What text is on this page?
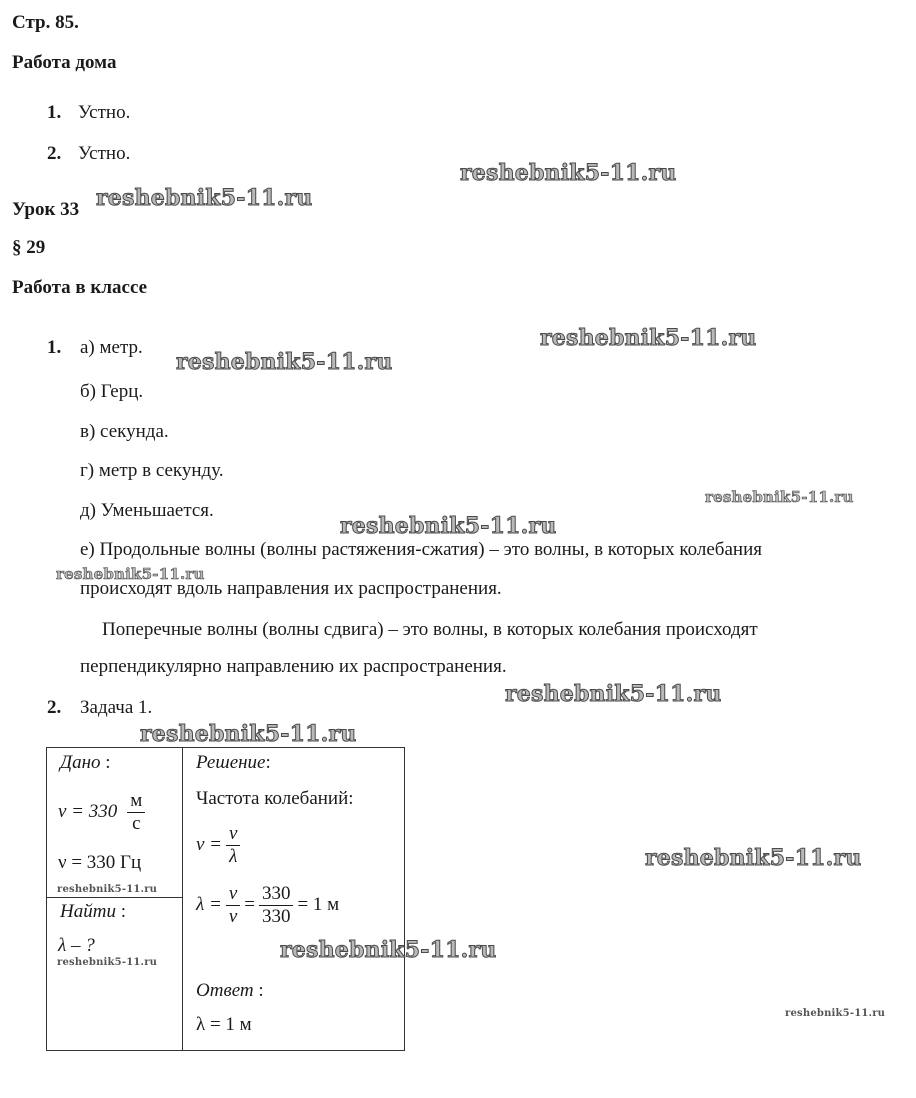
Стр. 85.
Работа дома
1. Устно.
2. Устно.
Урок 33
§ 29
Работа в классе
1. а) метр.
б) Герц.
в) секунда.
г) метр в секунду.
д) Уменьшается.
е) Продольные волны (волны растяжения-сжатия) – это волны, в которых колебания
происходят вдоль направления их распространения.
Поперечные волны (волны сдвига) – это волны, в которых колебания происходят
перпендикулярно направлению их распространения.
2. Задача 1.
Дано :
$v = 330 \frac{м}{с}$
ν = 330 Гц
Найти :
λ – ?
Решение:
Частота колебаний:
$\nu = \frac{v}{\lambda}$
$\lambda = \frac{v}{\nu} = \frac{330}{330} = 1$ м
Ответ :
λ = 1 м
reshebnik5-11.ru
reshebnik5-11.ru
reshebnik5-11.ru
reshebnik5-11.ru
reshebnik5-11.ru
reshebnik5-11.ru
reshebnik5-11.ru
reshebnik5-11.ru
reshebnik5-11.ru
reshebnik5-11.ru
reshebnik5-11.ru
reshebnik5-11.ru
reshebnik5-11.ru
reshebnik5-11.ru
